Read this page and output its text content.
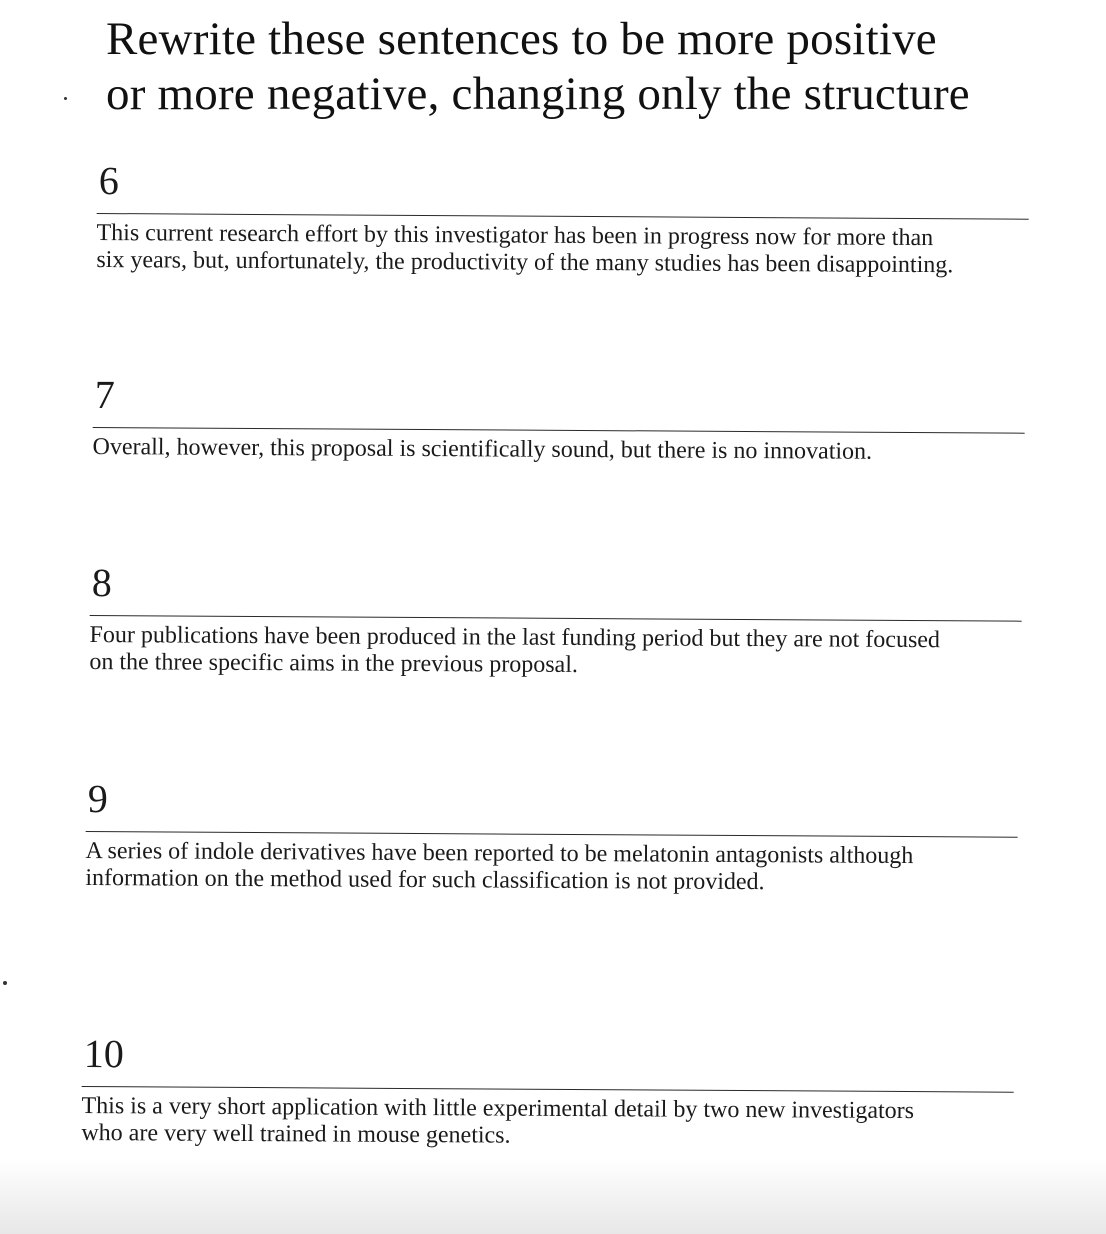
Rewrite these sentences to be more positive
or more negative, changing only the structure
6

This current research effort by this investigator has been in progress now for more than
six years, but, unfortunately, the productivity of the many studies has been disappointing.

7

Overall, however, this proposal is scientifically sound, but there is no innovation.

8

Four publications have been produced in the last funding period but they are not focused
on the three specific aims in the previous proposal.

9

A series of indole derivatives have been reported to be melatonin antagonists although
information on the method used for such classification is not provided.

10

This is a very short application with little experimental detail by two new investigators
who are very well trained in mouse genetics.
